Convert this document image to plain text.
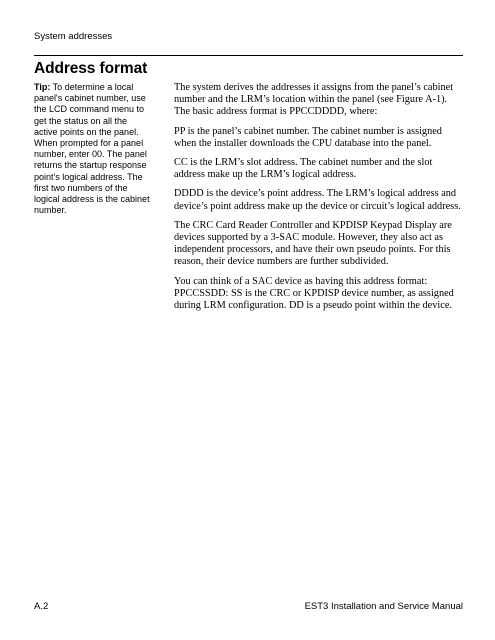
System addresses
Address format
Tip: To determine a local panel's cabinet number, use the LCD command menu to get the status on all the active points on the panel. When prompted for a panel number, enter 00. The panel returns the startup response point's logical address. The first two numbers of the logical address is the cabinet number.

The system derives the addresses it assigns from the panel’s cabinet number and the LRM’s location within the panel (see Figure A-1). The basic address format is PPCCDDDD, where:

PP is the panel’s cabinet number. The cabinet number is assigned when the installer downloads the CPU database into the panel.

CC is the LRM’s slot address. The cabinet number and the slot address make up the LRM’s logical address.

DDDD is the device’s point address. The LRM’s logical address and device’s point address make up the device or circuit’s logical address.

The CRC Card Reader Controller and KPDISP Keypad Display are devices supported by a 3-SAC module. However, they also act as independent processors, and have their own pseudo points. For this reason, their device numbers are further subdivided.

You can think of a SAC device as having this address format: PPCCSSDD: SS is the CRC or KPDISP device number, as assigned during LRM configuration. DD is a pseudo point within the device.

A.2	EST3 Installation and Service Manual
